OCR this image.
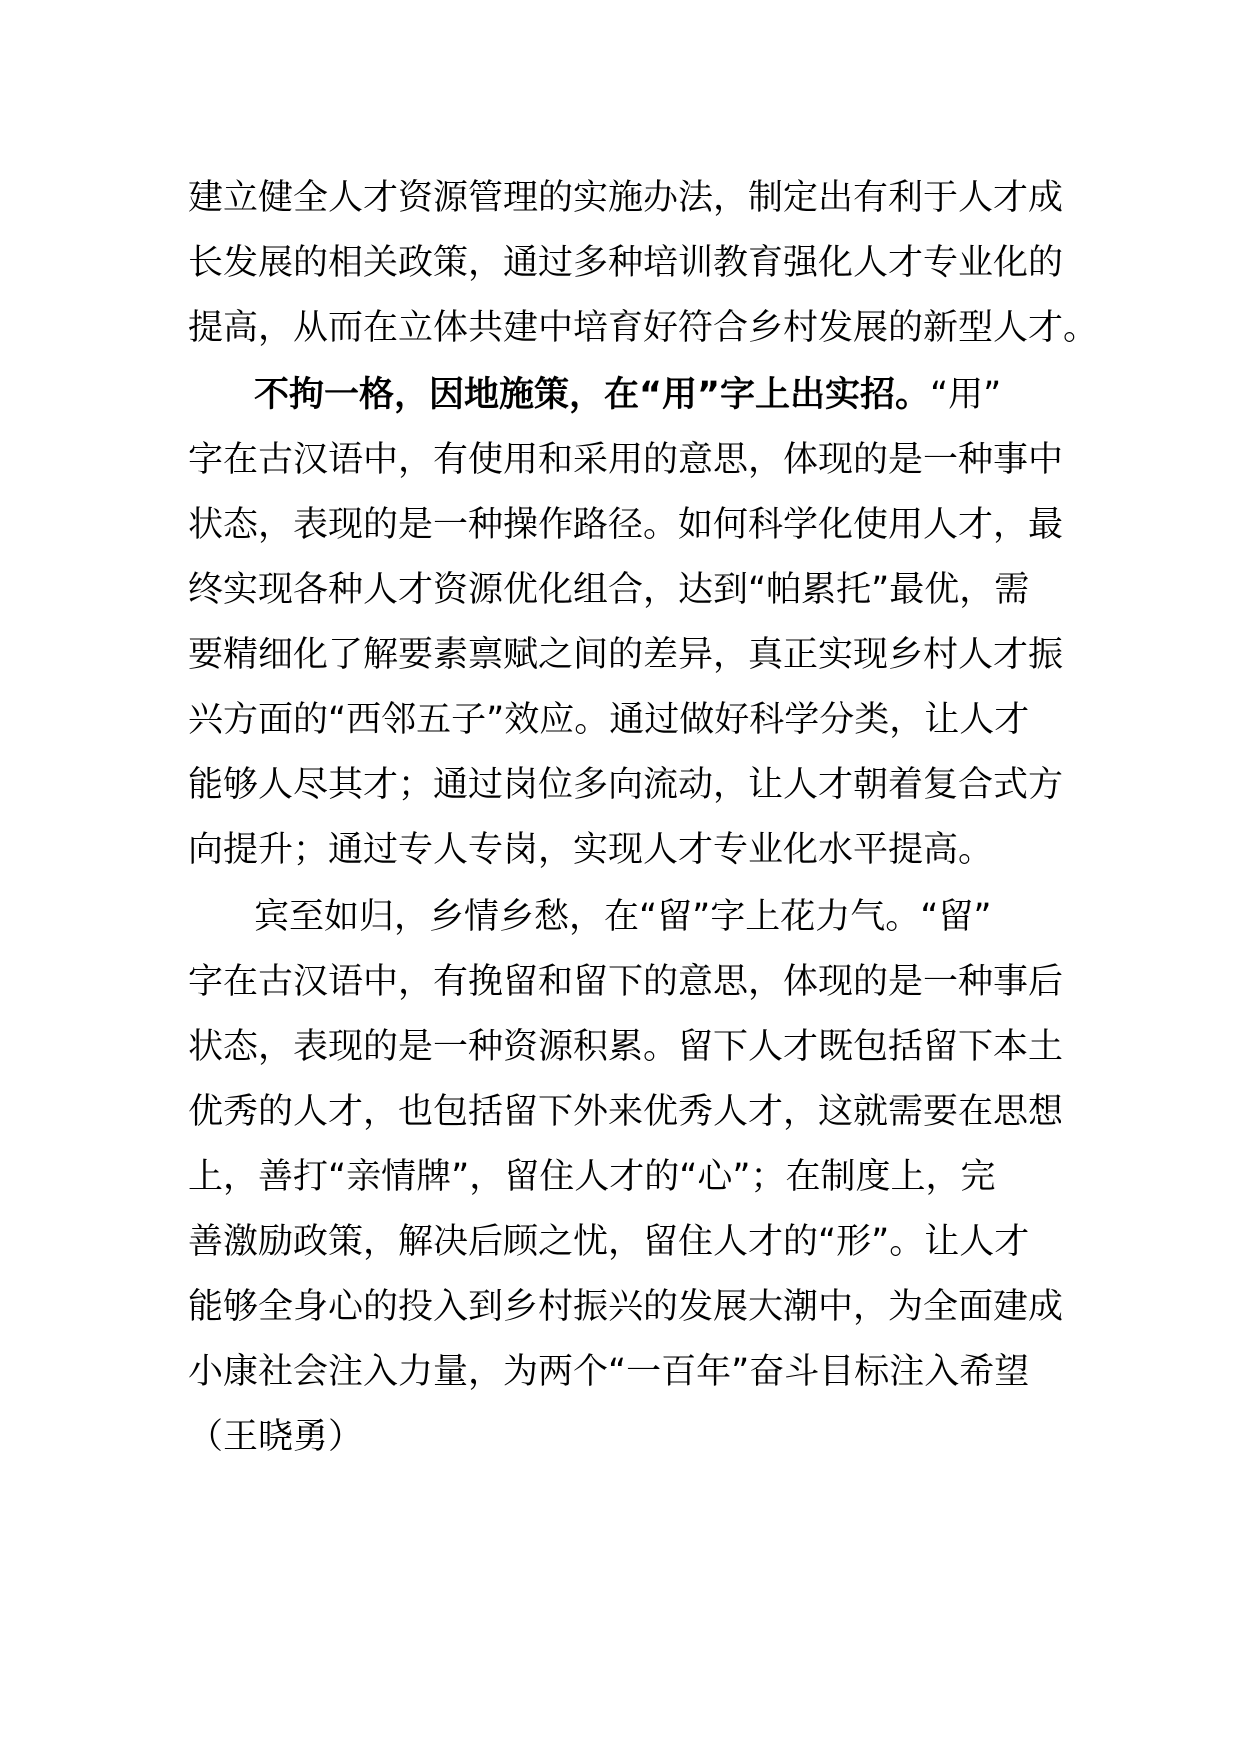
建立健全人才资源管理的实施办法，制定出有利于人才成
长发展的相关政策，通过多种培训教育强化人才专业化的
提高，从而在立体共建中培育好符合乡村发展的新型人才。
不拘一格，因地施策，在“用”字上出实招。“用”
字在古汉语中，有使用和采用的意思，体现的是一种事中
状态，表现的是一种操作路径。如何科学化使用人才，最
终实现各种人才资源优化组合，达到“帕累托”最优，需
要精细化了解要素禀赋之间的差异，真正实现乡村人才振
兴方面的“西邻五子”效应。通过做好科学分类，让人才
能够人尽其才；通过岗位多向流动，让人才朝着复合式方
向提升；通过专人专岗，实现人才专业化水平提高。
宾至如归，乡情乡愁，在“留”字上花力气。“留”
字在古汉语中，有挽留和留下的意思，体现的是一种事后
状态，表现的是一种资源积累。留下人才既包括留下本土
优秀的人才，也包括留下外来优秀人才，这就需要在思想
上，善打“亲情牌”，留住人才的“心”；在制度上，完
善激励政策，解决后顾之忧，留住人才的“形”。让人才
能够全身心的投入到乡村振兴的发展大潮中，为全面建成
小康社会注入力量，为两个“一百年”奋斗目标注入希望
（王晓勇）
